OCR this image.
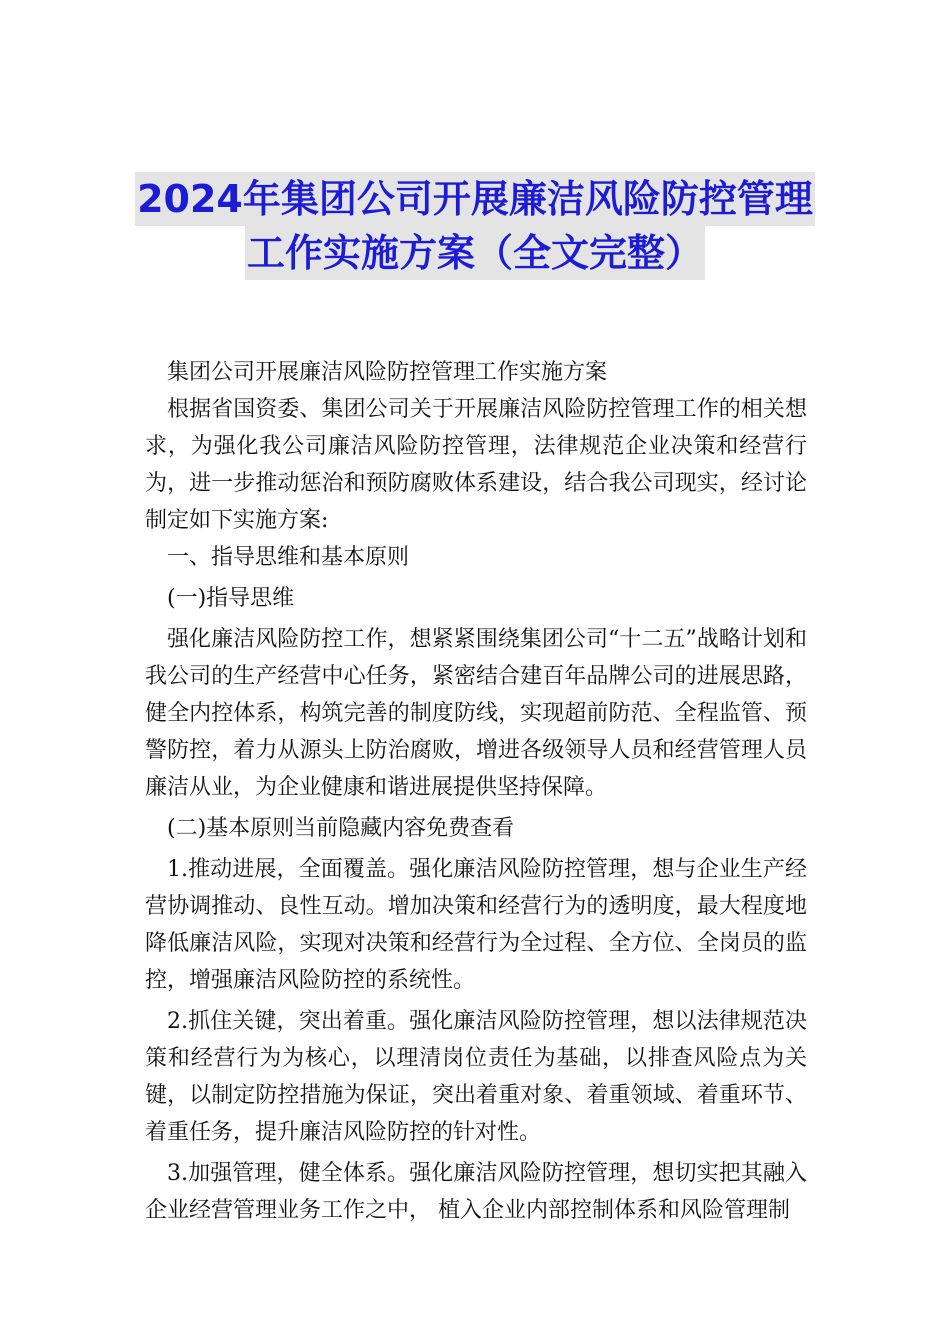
2024年集团公司开展廉洁风险防控管理
工作实施方案（全文完整）

集团公司开展廉洁风险防控管理工作实施方案

根据省国资委、集团公司关于开展廉洁风险防控管理工作的相关想求，为强化我公司廉洁风险防控管理，法律规范企业决策和经营行为，进一步推动惩治和预防腐败体系建设，结合我公司现实，经讨论制定如下实施方案:

一、指导思维和基本原则

(一)指导思维

强化廉洁风险防控工作，想紧紧围绕集团公司“十二五”战略计划和我公司的生产经营中心任务，紧密结合建百年品牌公司的进展思路，健全内控体系，构筑完善的制度防线，实现超前防范、全程监管、预警防控，着力从源头上防治腐败，增进各级领导人员和经营管理人员廉洁从业，为企业健康和谐进展提供坚持保障。

(二)基本原则当前隐藏内容免费查看

1.推动进展，全面覆盖。强化廉洁风险防控管理，想与企业生产经营协调推动、良性互动。增加决策和经营行为的透明度，最大程度地降低廉洁风险，实现对决策和经营行为全过程、全方位、全岗员的监控，增强廉洁风险防控的系统性。

2.抓住关键，突出着重。强化廉洁风险防控管理，想以法律规范决策和经营行为为核心，以理清岗位责任为基础，以排查风险点为关键，以制定防控措施为保证，突出着重对象、着重领域、着重环节、着重任务，提升廉洁风险防控的针对性。

3.加强管理，健全体系。强化廉洁风险防控管理，想切实把其融入企业经营管理业务工作之中， 植入企业内部控制体系和风险管理制
